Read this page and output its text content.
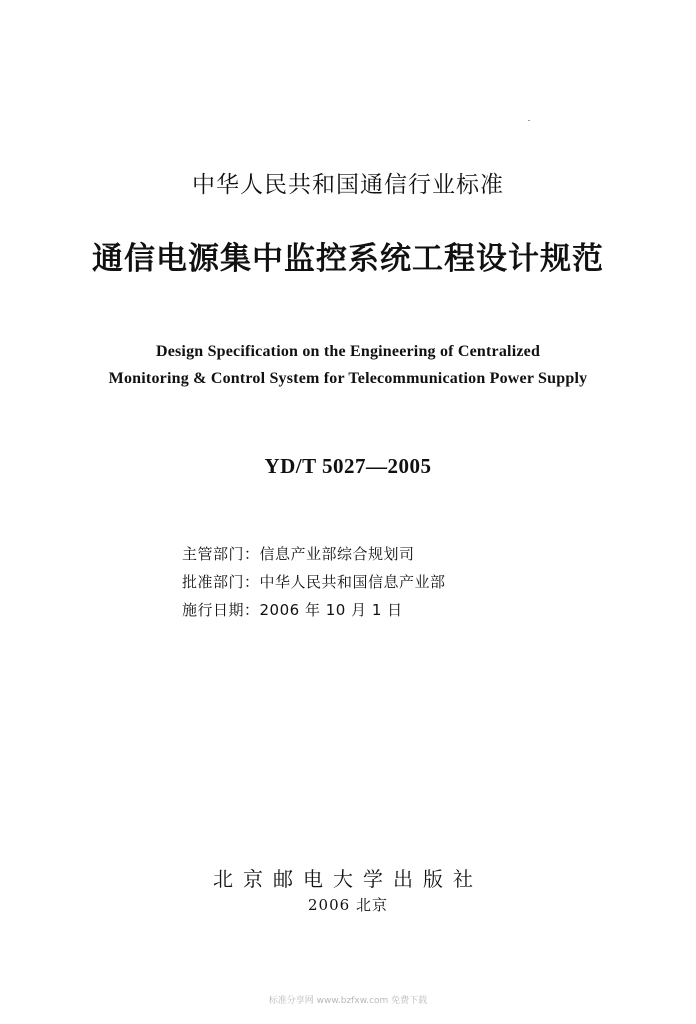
中华人民共和国通信行业标准
通信电源集中监控系统工程设计规范
Design Specification on the Engineering of Centralized
Monitoring & Control System for Telecommunication Power Supply
YD/T 5027—2005
主管部门：信息产业部综合规划司
批准部门：中华人民共和国信息产业部
施行日期：2006 年 10 月 1 日
北京邮电大学出版社
2006 北京
标准分享网 www.bzfxw.com 免费下载
